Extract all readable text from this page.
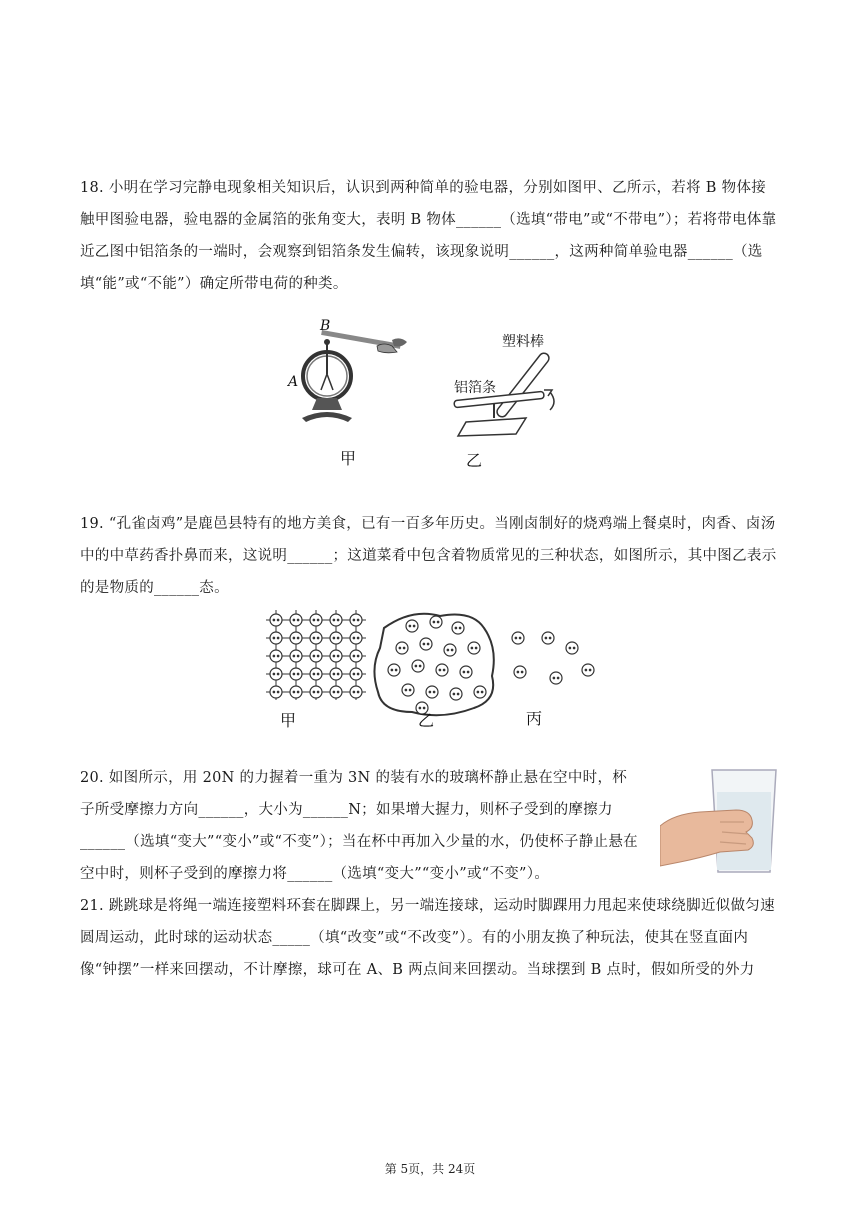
18. 小明在学习完静电现象相关知识后，认识到两种简单的验电器，分别如图甲、乙所示，若将 B 物体接触甲图验电器，验电器的金属箔的张角变大，表明 B 物体______（选填“带电”或“不带电”）；若将带电体靠近乙图中铝箔条的一端时，会观察到铝箔条发生偏转，该现象说明______，这两种简单验电器______（选填“能”或“不能”）确定所带电荷的种类。

B
A
甲
塑料棒
铝箔条
乙

19. “孔雀卤鸡”是鹿邑县特有的地方美食，已有一百多年历史。当刚卤制好的烧鸡端上餐桌时，肉香、卤汤中的中草药香扑鼻而来，这说明______；这道菜肴中包含着物质常见的三种状态，如图所示，其中图乙表示的是物质的______态。

甲	乙	丙

20. 如图所示，用 20N 的力握着一重为 3N 的装有水的玻璃杯静止悬在空中时，杯子所受摩擦力方向______，大小为______N；如果增大握力，则杯子受到的摩擦力______（选填“变大”“变小”或“不变”）；当在杯中再加入少量的水，仍使杯子静止悬在空中时，则杯子受到的摩擦力将______（选填“变大”“变小”或“不变”）。

21. 跳跳球是将绳一端连接塑料环套在脚踝上，另一端连接球，运动时脚踝用力甩起来使球绕脚近似做匀速圆周运动，此时球的运动状态_____（填“改变”或“不改变”）。有的小朋友换了种玩法，使其在竖直面内像“钟摆”一样来回摆动，不计摩擦，球可在 A、B 两点间来回摆动。当球摆到 B 点时，假如所受的外力

第 5页，共 24页
